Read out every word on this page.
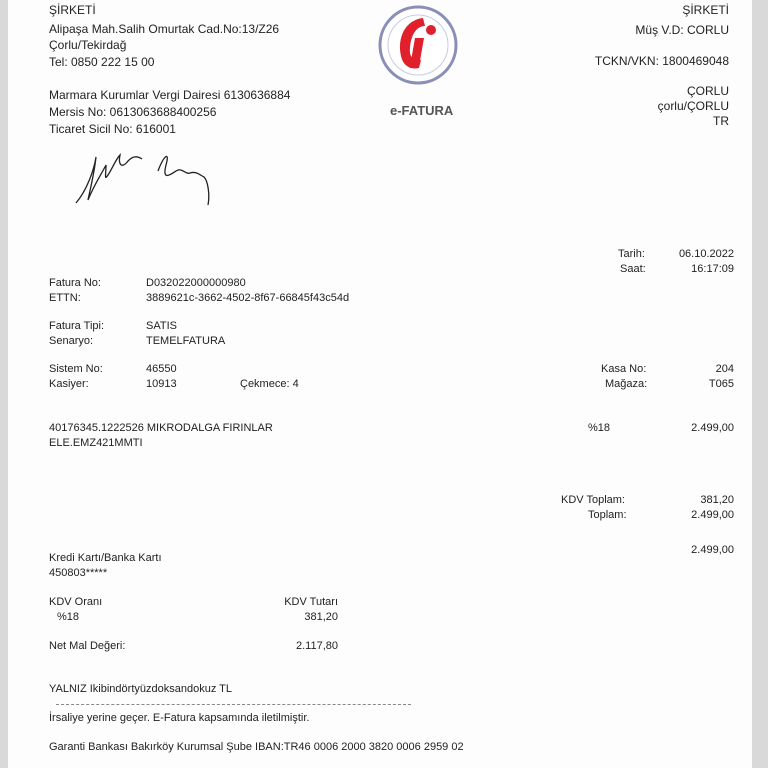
ŞİRKETİ
Alipaşa Mah.Salih Omurtak Cad.No:13/Z26
Çorlu/Tekirdağ
Tel: 0850 222 15 00
Marmara Kurumlar Vergi Dairesi 6130636884
Mersis No: 0613063688400256
Ticaret Sicil No: 616001
e-FATURA
ŞİRKETİ
Müş V.D: CORLU
TCKN/VKN: 1800469048
ÇORLU
çorlu/ÇORLU
TR
Tarih:	06.10.2022
Saat:	16:17:09
Fatura No:	D032022000000980
ETTN:	3889621c-3662-4502-8f67-66845f43c54d
Fatura Tipi:	SATIS
Senaryo:	TEMELFATURA
Sistem No:	46550
Kasiyer:	10913	Çekmece: 4
Kasa No:	204
Mağaza:	T065
40176345.1222526 MIKRODALGA FIRINLAR
ELE.EMZ421MMTI
%18	2.499,00
KDV Toplam:	381,20
Toplam:	2.499,00
2.499,00
Kredi Kartı/Banka Kartı
450803*****
KDV Oranı	KDV Tutarı
%18	381,20
Net Mal Değeri:	2.117,80
YALNIZ Ikibindörtyüzdoksandokuz TL
İrsaliye yerine geçer. E-Fatura kapsamında iletilmiştir.
Garanti Bankası Bakırköy Kurumsal Şube IBAN:TR46 0006 2000 3820 0006 2959 02
